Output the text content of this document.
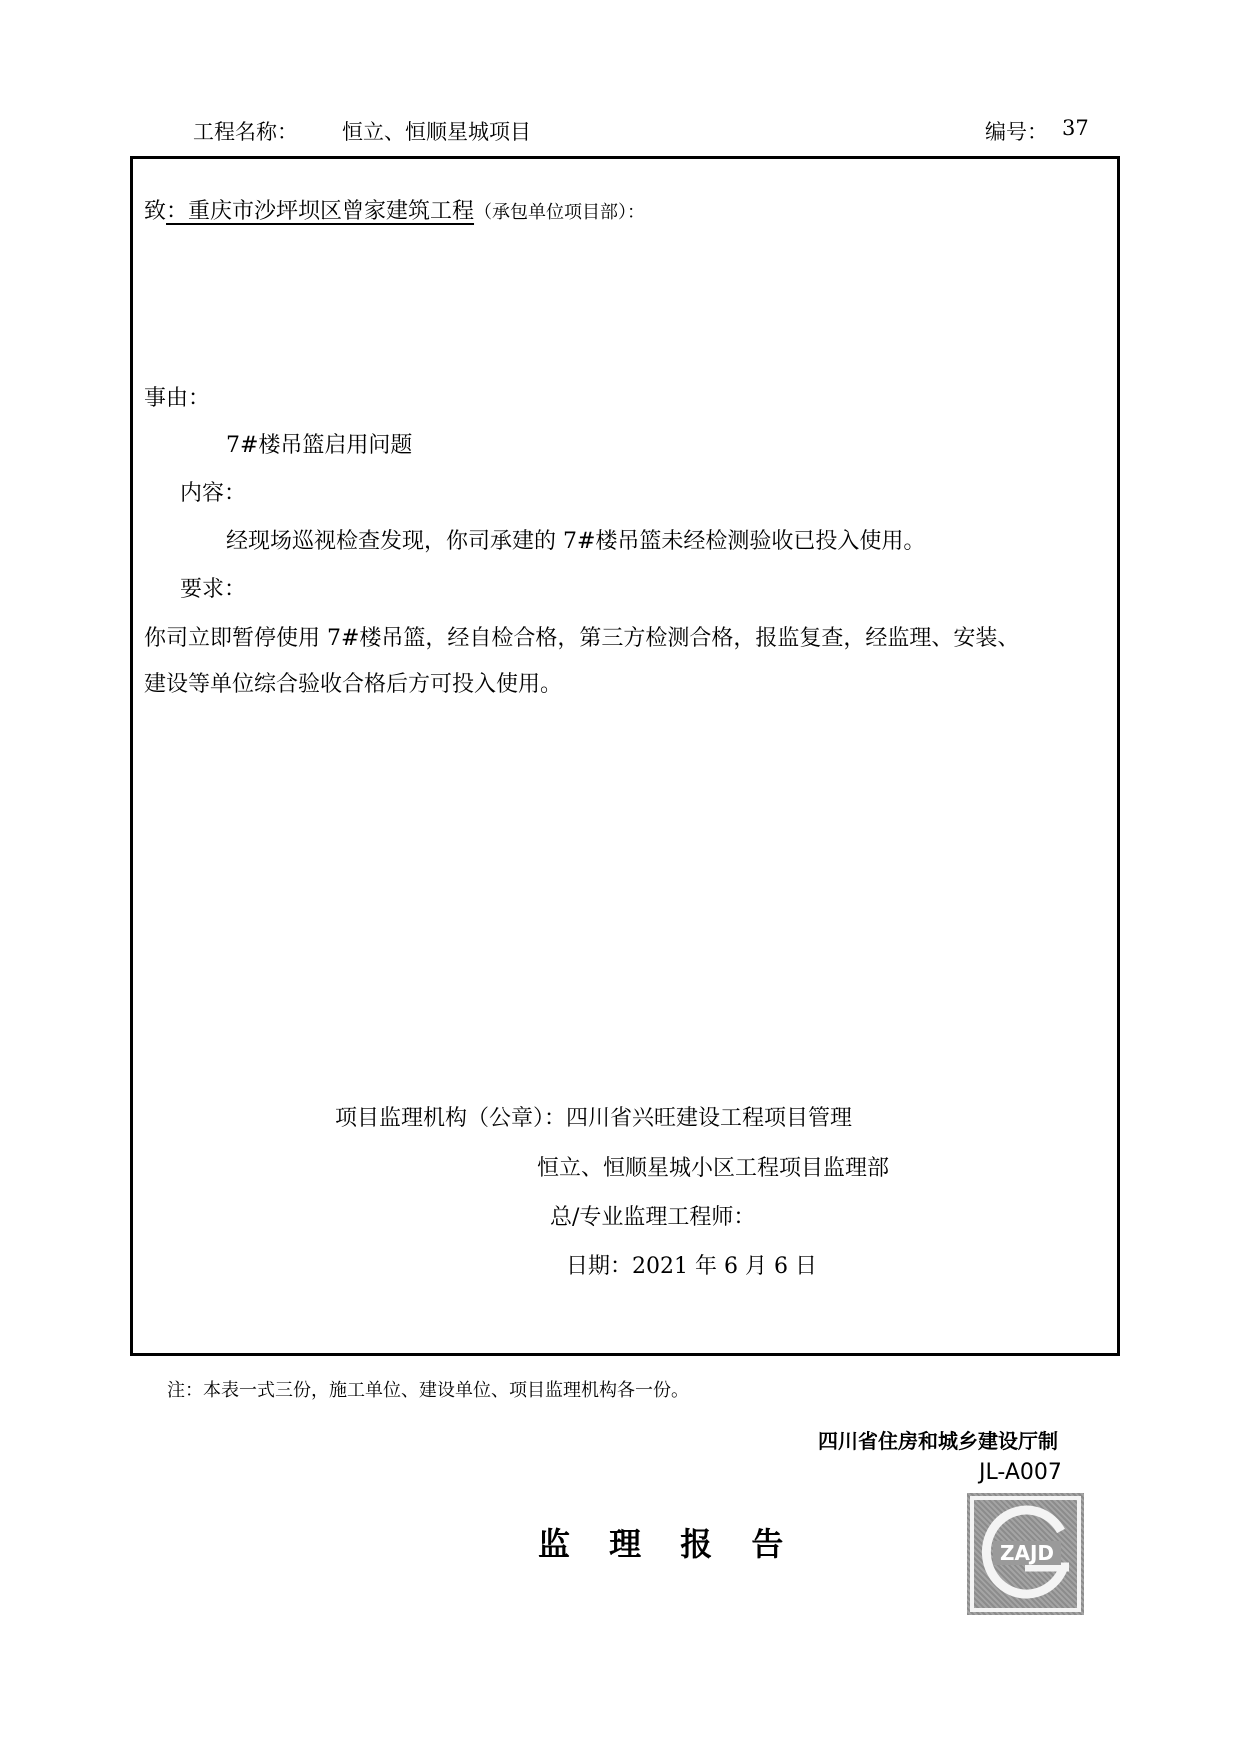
工程名称： 恒立、恒顺星城项目	编号： 37
致：重庆市沙坪坝区曾家建筑工程（承包单位项目部）：
事由：
7#楼吊篮启用问题
内容：
经现场巡视检查发现，你司承建的 7#楼吊篮未经检测验收已投入使用。
要求：
你司立即暂停使用 7#楼吊篮，经自检合格，第三方检测合格，报监复查，经监理、安装、
建设等单位综合验收合格后方可投入使用。
项目监理机构（公章）：四川省兴旺建设工程项目管理
恒立、恒顺星城小区工程项目监理部
总/专业监理工程师：
日期：2021 年 6 月 6 日
注：本表一式三份，施工单位、建设单位、项目监理机构各一份。
四川省住房和城乡建设厅制
JL-A007
监 理 报 告	ZAJD
